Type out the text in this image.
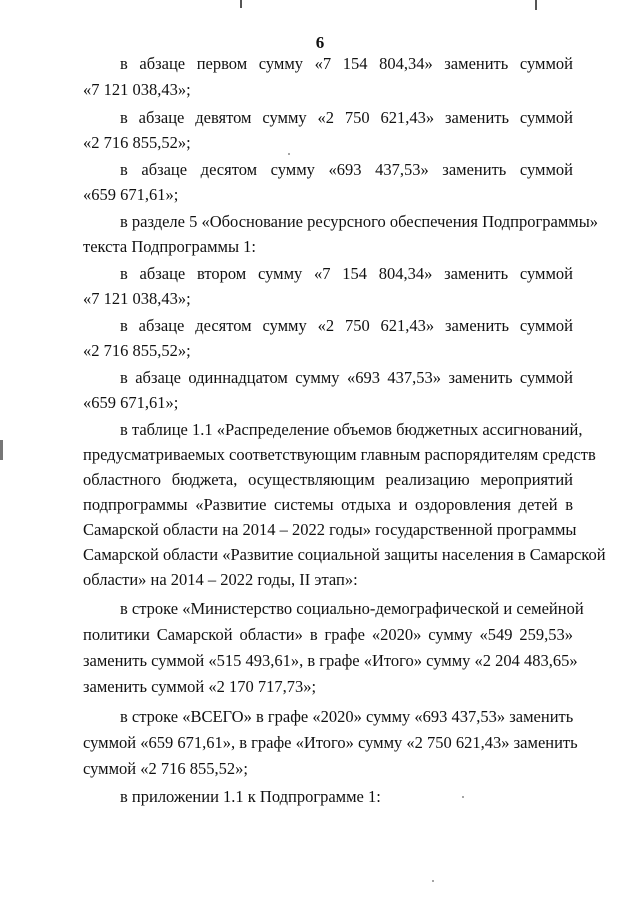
6
в абзаце первом сумму «7 154 804,34» заменить суммой
«7 121 038,43»;
в абзаце девятом сумму «2 750 621,43» заменить суммой
«2 716 855,52»;
в абзаце десятом сумму «693 437,53» заменить суммой
«659 671,61»;
в разделе 5 «Обоснование ресурсного обеспечения Подпрограммы»
текста Подпрограммы 1:
в абзаце втором сумму «7 154 804,34» заменить суммой
«7 121 038,43»;
в абзаце десятом сумму «2 750 621,43» заменить суммой
«2 716 855,52»;
в абзаце одиннадцатом сумму «693 437,53» заменить суммой
«659 671,61»;
в таблице 1.1 «Распределение объемов бюджетных ассигнований,
предусматриваемых соответствующим главным распорядителям средств
областного бюджета, осуществляющим реализацию мероприятий
подпрограммы «Развитие системы отдыха и оздоровления детей в
Самарской области на 2014 – 2022 годы» государственной программы
Самарской области «Развитие социальной защиты населения в Самарской
области» на 2014 – 2022 годы, II этап»:
в строке «Министерство социально-демографической и семейной
политики Самарской области» в графе «2020» сумму «549 259,53»
заменить суммой «515 493,61», в графе «Итого» сумму «2 204 483,65»
заменить суммой «2 170 717,73»;
в строке «ВСЕГО» в графе «2020» сумму «693 437,53» заменить
суммой «659 671,61», в графе «Итого» сумму «2 750 621,43» заменить
суммой «2 716 855,52»;
в приложении 1.1 к Подпрограмме 1:
